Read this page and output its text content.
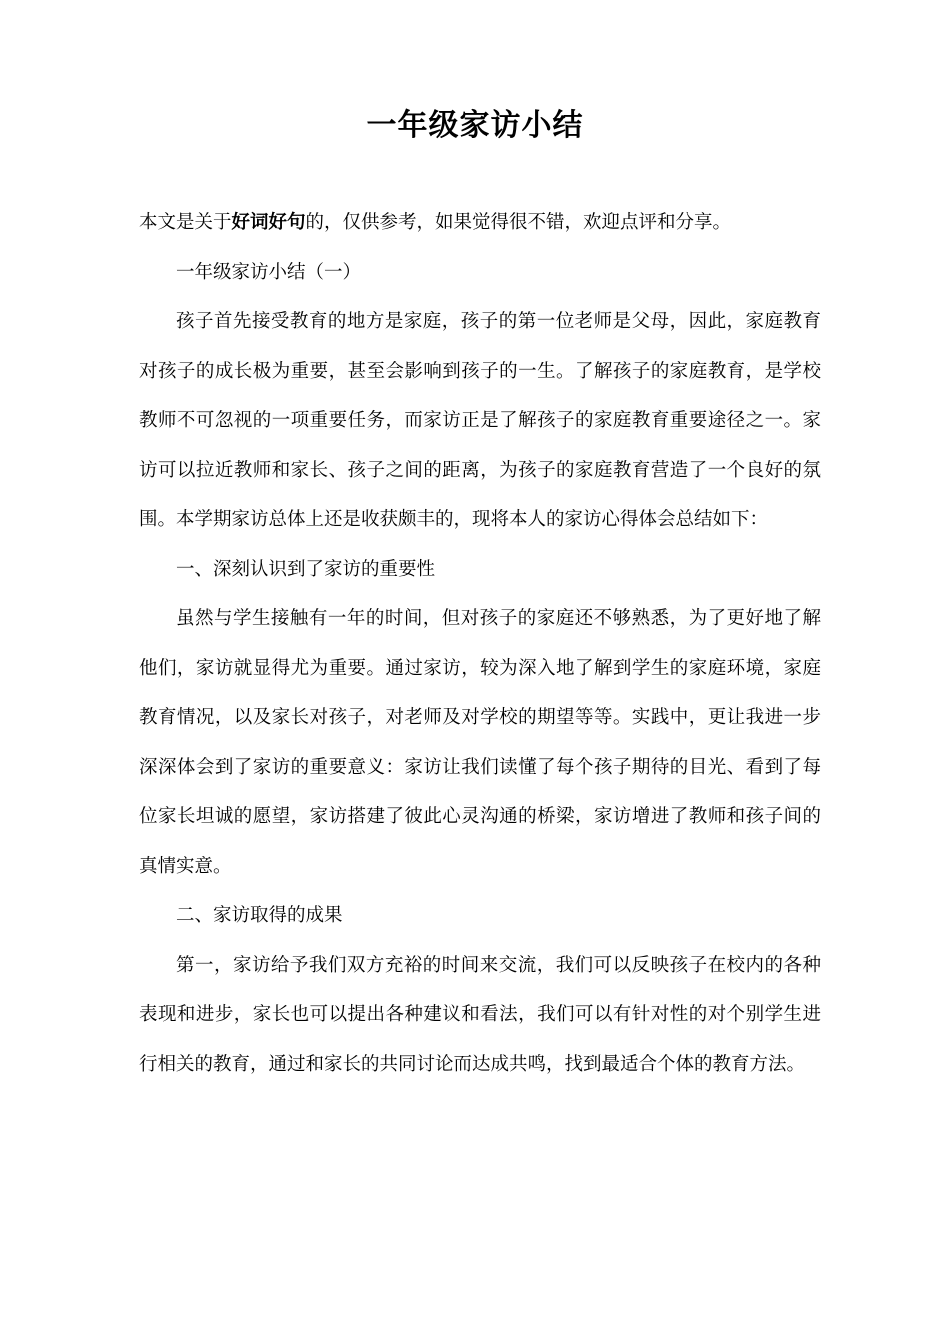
一年级家访小结

本文是关于好词好句的，仅供参考，如果觉得很不错，欢迎点评和分享。

一年级家访小结（一）

孩子首先接受教育的地方是家庭，孩子的第一位老师是父母，因此，家庭教育对孩子的成长极为重要，甚至会影响到孩子的一生。了解孩子的家庭教育，是学校教师不可忽视的一项重要任务，而家访正是了解孩子的家庭教育重要途径之一。家访可以拉近教师和家长、孩子之间的距离，为孩子的家庭教育营造了一个良好的氛围。本学期家访总体上还是收获颇丰的，现将本人的家访心得体会总结如下：

一、深刻认识到了家访的重要性

虽然与学生接触有一年的时间，但对孩子的家庭还不够熟悉，为了更好地了解他们，家访就显得尤为重要。通过家访，较为深入地了解到学生的家庭环境，家庭教育情况，以及家长对孩子，对老师及对学校的期望等等。实践中，更让我进一步深深体会到了家访的重要意义：家访让我们读懂了每个孩子期待的目光、看到了每位家长坦诚的愿望，家访搭建了彼此心灵沟通的桥梁，家访增进了教师和孩子间的真情实意。

二、家访取得的成果

第一，家访给予我们双方充裕的时间来交流，我们可以反映孩子在校内的各种表现和进步，家长也可以提出各种建议和看法，我们可以有针对性的对个别学生进行相关的教育，通过和家长的共同讨论而达成共鸣，找到最适合个体的教育方法。
